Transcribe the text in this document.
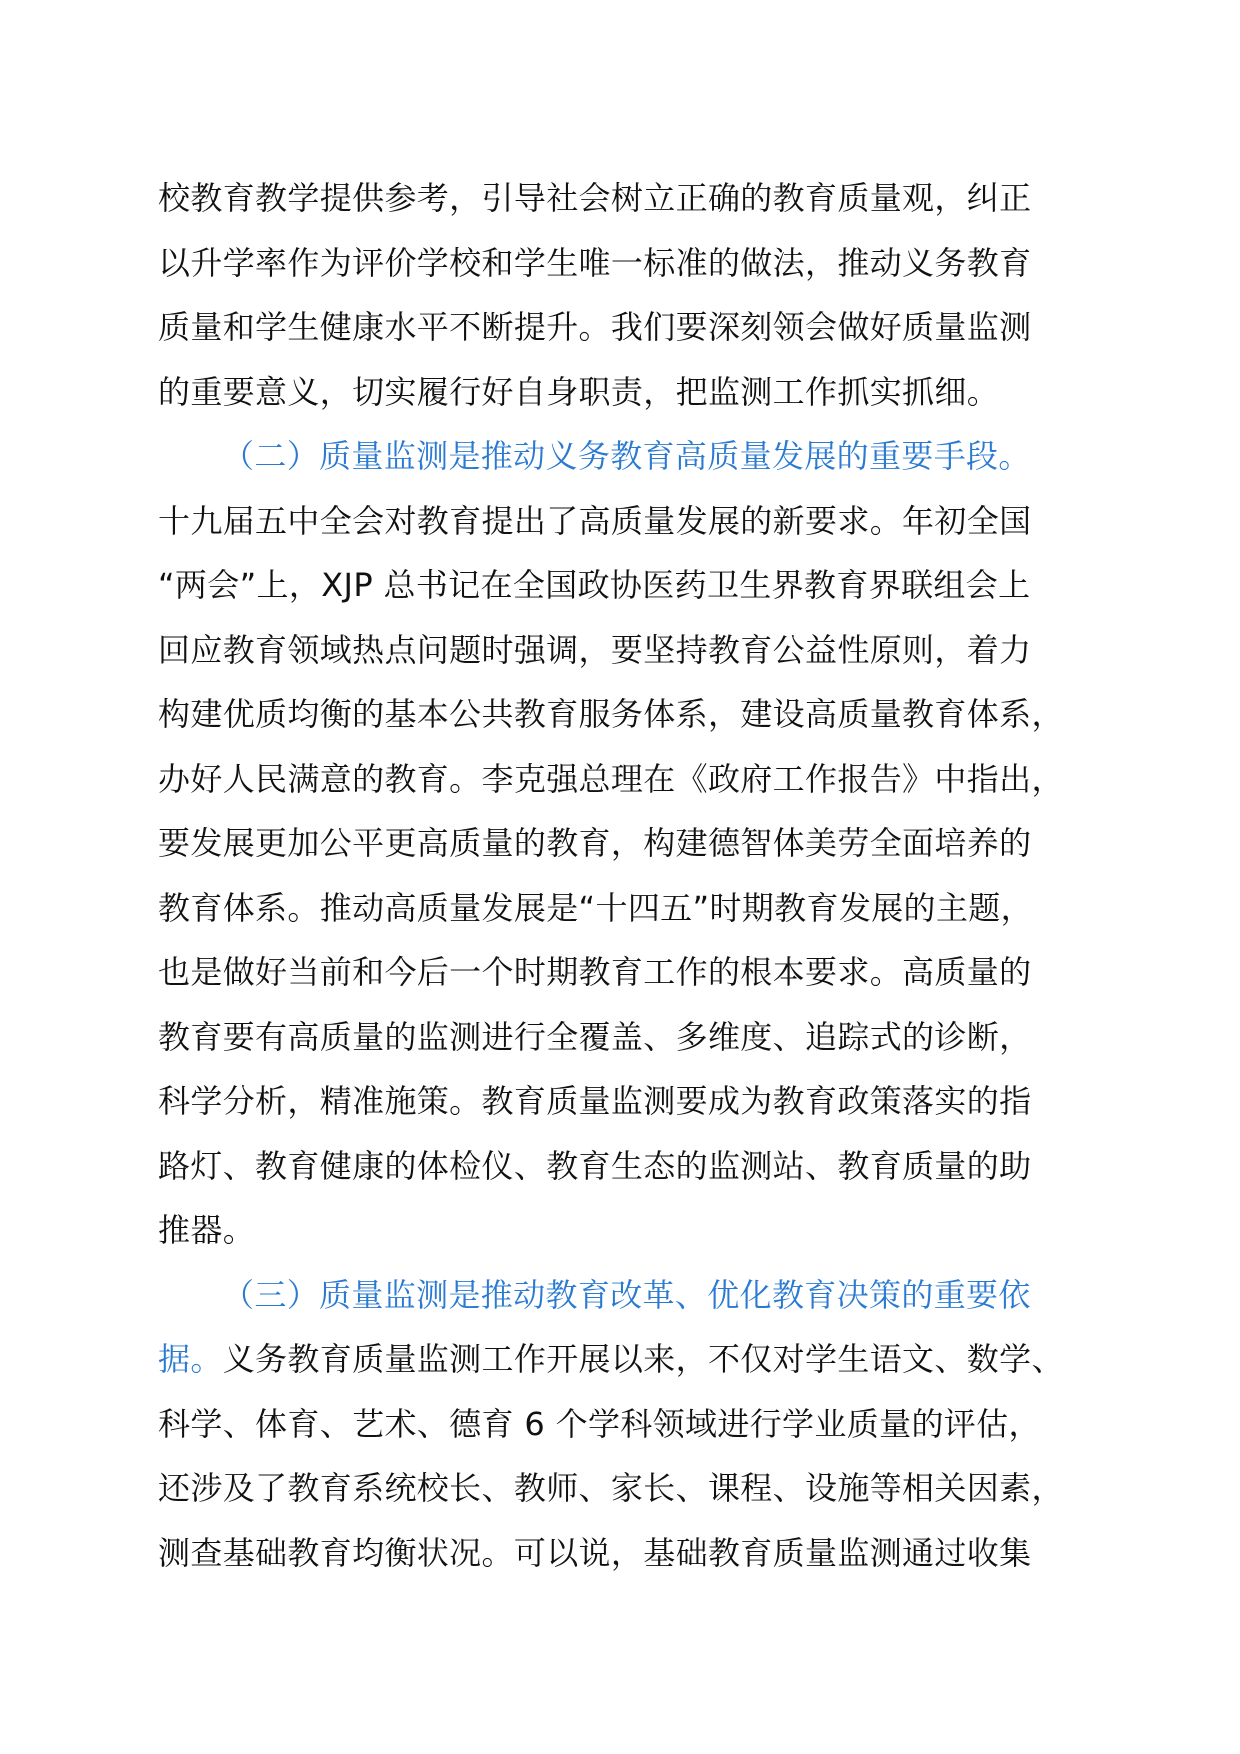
校教育教学提供参考，引导社会树立正确的教育质量观，纠正
以升学率作为评价学校和学生唯一标准的做法，推动义务教育
质量和学生健康水平不断提升。我们要深刻领会做好质量监测
的重要意义，切实履行好自身职责，把监测工作抓实抓细。
（二）质量监测是推动义务教育高质量发展的重要手段。
十九届五中全会对教育提出了高质量发展的新要求。年初全国
“两会”上，XJP 总书记在全国政协医药卫生界教育界联组会上
回应教育领域热点问题时强调，要坚持教育公益性原则，着力
构建优质均衡的基本公共教育服务体系，建设高质量教育体系，
办好人民满意的教育。李克强总理在《政府工作报告》中指出，
要发展更加公平更高质量的教育，构建德智体美劳全面培养的
教育体系。推动高质量发展是“十四五”时期教育发展的主题，
也是做好当前和今后一个时期教育工作的根本要求。高质量的
教育要有高质量的监测进行全覆盖、多维度、追踪式的诊断，
科学分析，精准施策。教育质量监测要成为教育政策落实的指
路灯、教育健康的体检仪、教育生态的监测站、教育质量的助
推器。
（三）质量监测是推动教育改革、优化教育决策的重要依
据。义务教育质量监测工作开展以来，不仅对学生语文、数学、
科学、体育、艺术、德育 6 个学科领域进行学业质量的评估，
还涉及了教育系统校长、教师、家长、课程、设施等相关因素，
测查基础教育均衡状况。可以说，基础教育质量监测通过收集
